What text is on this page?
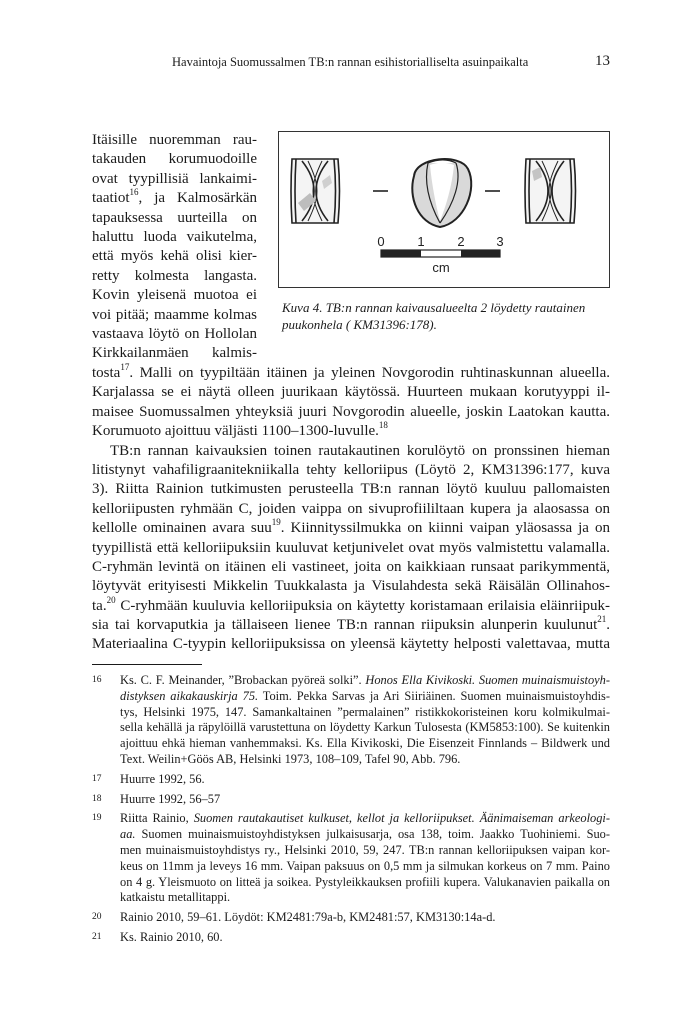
Havaintoja Suomussalmen TB:n rannan esihistorialliselta asuinpaikalta	13
Itäisille nuoremman rau-
takauden korumuodoille
ovat tyypillisiä lankaimi-
taatiot$^{16}$, ja Kalmosärkän
tapauksessa uurteilla on
haluttu luoda vaikutelma,
että myös kehä olisi kier-
retty kolmesta langasta.
Kovin yleisenä muotoa ei
voi pitää; maamme kolmas
vastaava löytö on Hollolan
Kirkkailanmäen kalmis-
0	1	2 3
cm
Kuva 4. TB:n rannan kaivausalueelta 2 löydetty rautainen puukonhela ( KM31396:178).
tosta$^{17}$. Malli on tyypiltään itäinen ja yleinen Novgorodin ruhtinaskunnan alueella.
Karjalassa se ei näytä olleen juurikaan käytössä. Huurteen mukaan korutyyppi il-
maisee Suomussalmen yhteyksiä juuri Novgorodin alueelle, joskin Laatokan kautta.
Korumuoto ajoittuu väljästi 1100–1300-luvulle.$^{18}$
TB:n rannan kaivauksien toinen rautakautinen korulöytö on pronssinen hieman
litistynyt vahafiligraanitekniikalla tehty kelloriipus (Löytö 2, KM31396:177, kuva
3). Riitta Rainion tutkimusten perusteella TB:n rannan löytö kuuluu pallomaisten
kelloriipusten ryhmään C, joiden vaippa on sivuprofiililtaan kupera ja alaosassa on
kellolle ominainen avara suu$^{19}$. Kiinnityssilmukka on kiinni vaipan yläosassa ja on
tyypillistä että kelloriipuksiin kuuluvat ketjunivelet ovat myös valmistettu valamalla.
C-ryhmän levintä on itäinen eli vastineet, joita on kaikkiaan runsaat parikymmentä,
löytyvät erityisesti Mikkelin Tuukkalasta ja Visulahdesta sekä Räisälän Ollinahos-
ta.$^{20}$ C-ryhmään kuuluvia kelloriipuksia on käytetty koristamaan erilaisia eläinriipuk-
sia tai korvaputkia ja tällaiseen lienee TB:n rannan riipuksin alunperin kuulunut$^{21}$.
Materiaalina C-tyypin kelloriipuksissa on yleensä käytetty helposti valettavaa, mutta
16 Ks. C. F. Meinander, ”Brobackan pyöreä solki”. Honos Ella Kivikoski. Suomen muinaismuistoyh-
distyksen aikakauskirja 75. Toim. Pekka Sarvas ja Ari Siiriäinen. Suomen muinaismuistoyhdis-
tys, Helsinki 1975, 147. Samankaltainen ”permalainen” ristikkokoristeinen koru kolmikulmai-
sella kehällä ja räpylöillä varustettuna on löydetty Karkun Tulosesta (KM5853:100). Se kuitenkin
ajoittuu ehkä hieman vanhemmaksi. Ks. Ella Kivikoski, Die Eisenzeit Finnlands – Bildwerk und
Text. Weilin+Göös AB, Helsinki 1973, 108–109, Tafel 90, Abb. 796.
17 Huurre 1992, 56.
18 Huurre 1992, 56–57
19 Riitta Rainio, Suomen rautakautiset kulkuset, kellot ja kelloriipukset. Äänimaiseman arkeologi-
aa. Suomen muinaismuistoyhdistyksen julkaisusarja, osa 138, toim. Jaakko Tuohiniemi. Suo-
men muinaismuistoyhdistys ry., Helsinki 2010, 59, 247. TB:n rannan kelloriipuksen vaipan kor-
keus on 11mm ja leveys 16 mm. Vaipan paksuus on 0,5 mm ja silmukan korkeus on 7 mm. Paino
on 4 g. Yleismuoto on litteä ja soikea. Pystyleikkauksen profiili kupera. Valukanavien paikalla on
katkaistu metallitappi.
20 Rainio 2010, 59–61. Löydöt: KM2481:79a-b, KM2481:57, KM3130:14a-d.
21 Ks. Rainio 2010, 60.
